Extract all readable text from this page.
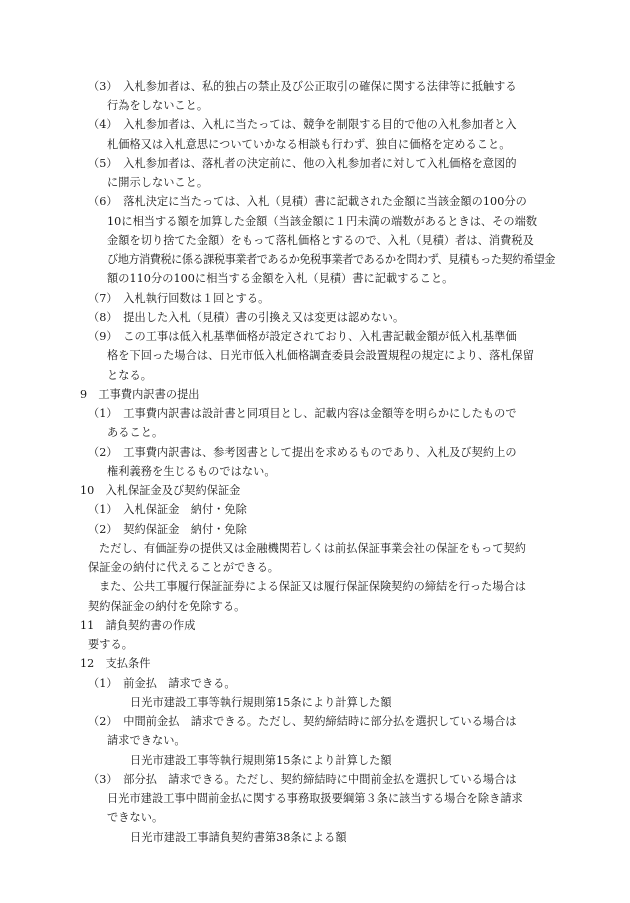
（3）　入札参加者は、私的独占の禁止及び公正取引の確保に関する法律等に抵触する
行為をしないこと。
（4）　入札参加者は、入札に当たっては、競争を制限する目的で他の入札参加者と入
札価格又は入札意思についていかなる相談も行わず、独自に価格を定めること。
（5）　入札参加者は、落札者の決定前に、他の入札参加者に対して入札価格を意図的
に開示しないこと。
（6）　落札決定に当たっては、入札（見積）書に記載された金額に当該金額の100分の
10に相当する額を加算した金額（当該金額に１円未満の端数があるときは、その端数
金額を切り捨てた金額）をもって落札価格とするので、入札（見積）者は、消費税及
び地方消費税に係る課税事業者であるか免税事業者であるかを問わず、見積もった契約希望金
額の110分の100に相当する金額を入札（見積）書に記載すること。
（7）　入札執行回数は１回とする。
（8）　提出した入札（見積）書の引換え又は変更は認めない。
（9）　この工事は低入札基準価格が設定されており、入札書記載金額が低入札基準価
格を下回った場合は、日光市低入札価格調査委員会設置規程の規定により、落札保留
となる。
9　工事費内訳書の提出
（1）　工事費内訳書は設計書と同項目とし、記載内容は金額等を明らかにしたもので
あること。
（2）　工事費内訳書は、参考図書として提出を求めるものであり、入札及び契約上の
権利義務を生じるものではない。
10　入札保証金及び契約保証金
（1）　入札保証金　納付・免除
（2）　契約保証金　納付・免除
ただし、有価証券の提供又は金融機関若しくは前払保証事業会社の保証をもって契約
保証金の納付に代えることができる。
また、公共工事履行保証証券による保証又は履行保証保険契約の締結を行った場合は
契約保証金の納付を免除する。
11　請負契約書の作成
要する。
12　支払条件
（1）　前金払　請求できる。
日光市建設工事等執行規則第15条により計算した額
（2）　中間前金払　請求できる。ただし、契約締結時に部分払を選択している場合は
請求できない。
日光市建設工事等執行規則第15条により計算した額
（3）　部分払　請求できる。ただし、契約締結時に中間前金払を選択している場合は
日光市建設工事中間前金払に関する事務取扱要綱第３条に該当する場合を除き請求
できない。
日光市建設工事請負契約書第38条による額
